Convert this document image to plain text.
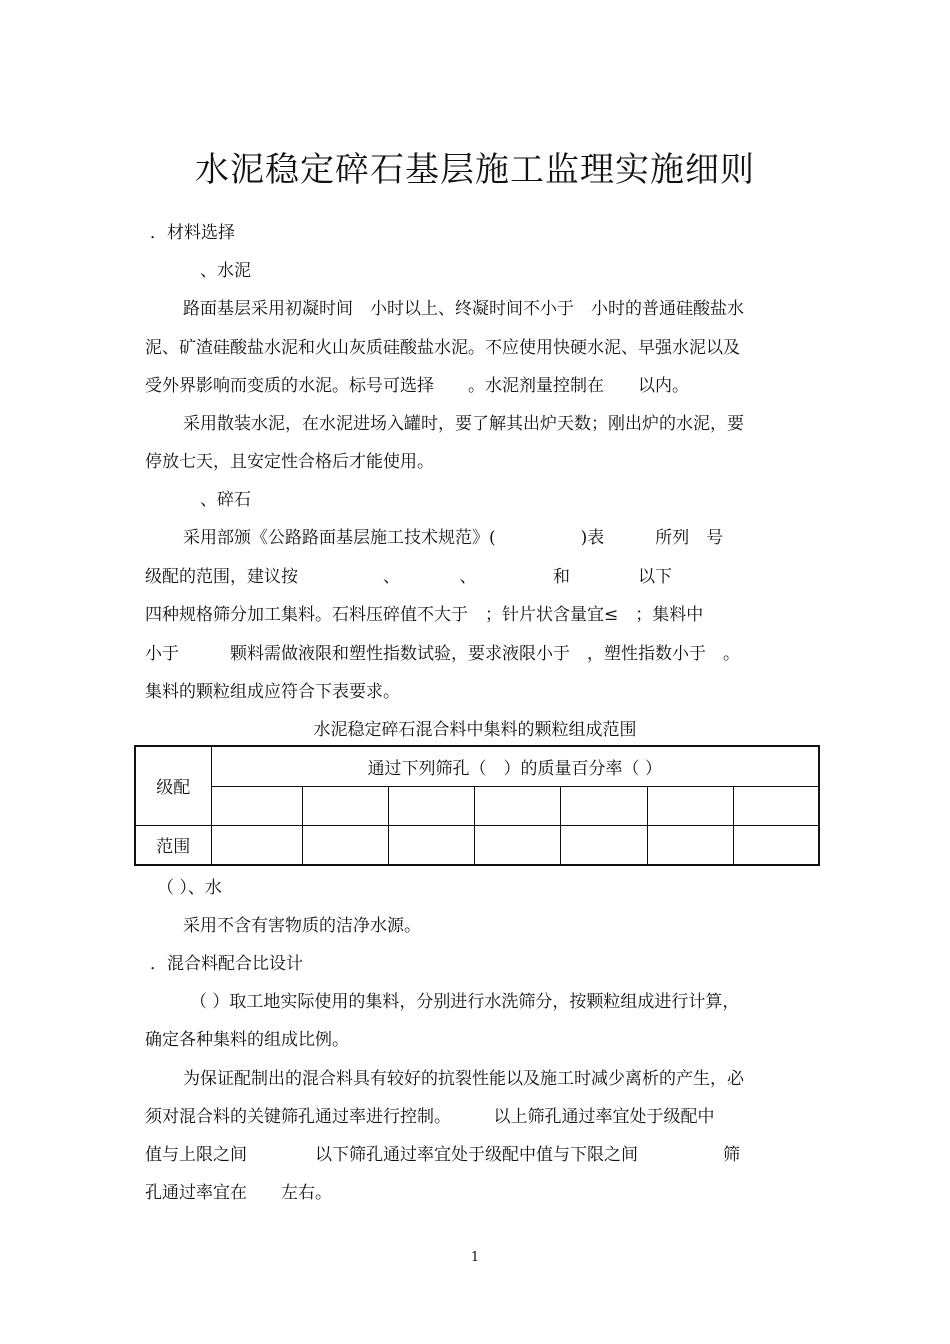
水泥稳定碎石基层施工监理实施细则
．材料选择
、水泥
路面基层采用初凝时间　小时以上、终凝时间不小于　小时的普通硅酸盐水
泥、矿渣硅酸盐水泥和火山灰质硅酸盐水泥。不应使用快硬水泥、早强水泥以及
受外界影响而变质的水泥。标号可选择　　。水泥剂量控制在　　以内。
采用散装水泥，在水泥进场入罐时，要了解其出炉天数；刚出炉的水泥，要
停放七天，且安定性合格后才能使用。
、碎石
采用部颁《公路路面基层施工技术规范》(　　　　　)表　　　所列　号
级配的范围，建议按　　　　　、　　　　、　　　　　和　　　　以下
四种规格筛分加工集料。石料压碎值不大于　；针片状含量宜≤　；集料中
小于　　　颗料需做液限和塑性指数试验，要求液限小于　，塑性指数小于　。
集料的颗粒组成应符合下表要求。
水泥稳定碎石混合料中集料的颗粒组成范围
级配	通过下列筛孔（　）的质量百分率（ ）						

范围							
（ ）、水
采用不含有害物质的洁净水源。
．混合料配合比设计
（ ）取工地实际使用的集料，分别进行水洗筛分，按颗粒组成进行计算，
确定各种集料的组成比例。
为保证配制出的混合料具有较好的抗裂性能以及施工时减少离析的产生，必
须对混合料的关键筛孔通过率进行控制。　　　以上筛孔通过率宜处于级配中
值与上限之间　　　　以下筛孔通过率宜处于级配中值与下限之间　　　　　筛
孔通过率宜在　　左右。
1
